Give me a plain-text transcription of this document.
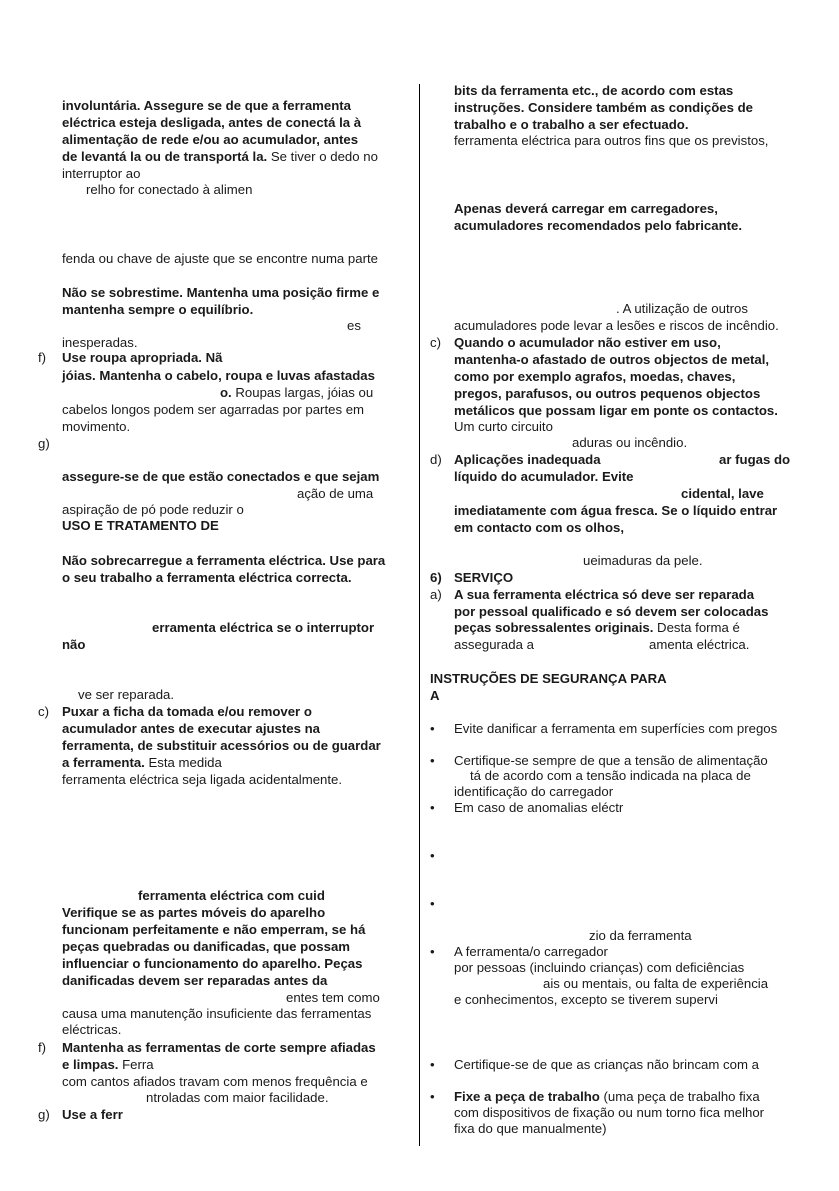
involuntária. Assegure se de que a ferramenta
eléctrica esteja desligada, antes de conectá la à
alimentação de rede e/ou ao acumulador, antes
de levantá la ou de transportá la. Se tiver o dedo no
interruptor ao
relho for conectado à alimen
fenda ou chave de ajuste que se encontre numa parte
Não se sobrestime. Mantenha uma posição firme e
mantenha sempre o equilíbrio.
es
inesperadas.
f) Use roupa apropriada. Nã
jóias. Mantenha o cabelo, roupa e luvas afastadas
o. Roupas largas, jóias ou
cabelos longos podem ser agarradas por partes em
movimento.
g)
assegure-se de que estão conectados e que sejam
ação de uma
aspiração de pó pode reduzir o
USO E TRATAMENTO DE
Não sobrecarregue a ferramenta eléctrica. Use para
o seu trabalho a ferramenta eléctrica correcta.
erramenta eléctrica se o interruptor
não
ve ser reparada.
c) Puxar a ficha da tomada e/ou remover o
acumulador antes de executar ajustes na
ferramenta, de substituir acessórios ou de guardar
a ferramenta. Esta medida
ferramenta eléctrica seja ligada acidentalmente.
ferramenta eléctrica com cuid
Verifique se as partes móveis do aparelho
funcionam perfeitamente e não emperram, se há
peças quebradas ou danificadas, que possam
influenciar o funcionamento do aparelho. Peças
danificadas devem ser reparadas antes da
entes tem como
causa uma manutenção insuficiente das ferramentas
eléctricas.
f) Mantenha as ferramentas de corte sempre afiadas
e limpas. Ferra
com cantos afiados travam com menos frequência e
ntroladas com maior facilidade.
g) Use a ferr
bits da ferramenta etc., de acordo com estas
instruções. Considere também as condições de
trabalho e o trabalho a ser efectuado.
ferramenta eléctrica para outros fins que os previstos,
Apenas deverá carregar em carregadores,
acumuladores recomendados pelo fabricante.
. A utilização de outros
acumuladores pode levar a lesões e riscos de incêndio.
c) Quando o acumulador não estiver em uso,
mantenha-o afastado de outros objectos de metal,
como por exemplo agrafos, moedas, chaves,
pregos, parafusos, ou outros pequenos objectos
metálicos que possam ligar em ponte os contactos.
Um curto circuito
aduras ou incêndio.
d) Aplicações inadequada	ar fugas do
líquido do acumulador. Evite
cidental, lave
imediatamente com água fresca. Se o líquido entrar
em contacto com os olhos,
ueimaduras da pele.
6) SERVIÇO
a) A sua ferramenta eléctrica só deve ser reparada
por pessoal qualificado e só devem ser colocadas
peças sobressalentes originais. Desta forma é
assegurada a	amenta eléctrica.
INSTRUÇÕES DE SEGURANÇA PARA
A
• Evite danificar a ferramenta em superfícies com pregos
• Certifique-se sempre de que a tensão de alimentação
tá de acordo com a tensão indicada na placa de
identificação do carregador
• Em caso de anomalias eléctr
•
•
zio da ferramenta
• A ferramenta/o carregador
por pessoas (incluindo crianças) com deficiências
ais ou mentais, ou falta de experiência
e conhecimentos, excepto se tiverem supervi
• Certifique-se de que as crianças não brincam com a
• Fixe a peça de trabalho (uma peça de trabalho fixa
com dispositivos de fixação ou num torno fica melhor
fixa do que manualmente)
